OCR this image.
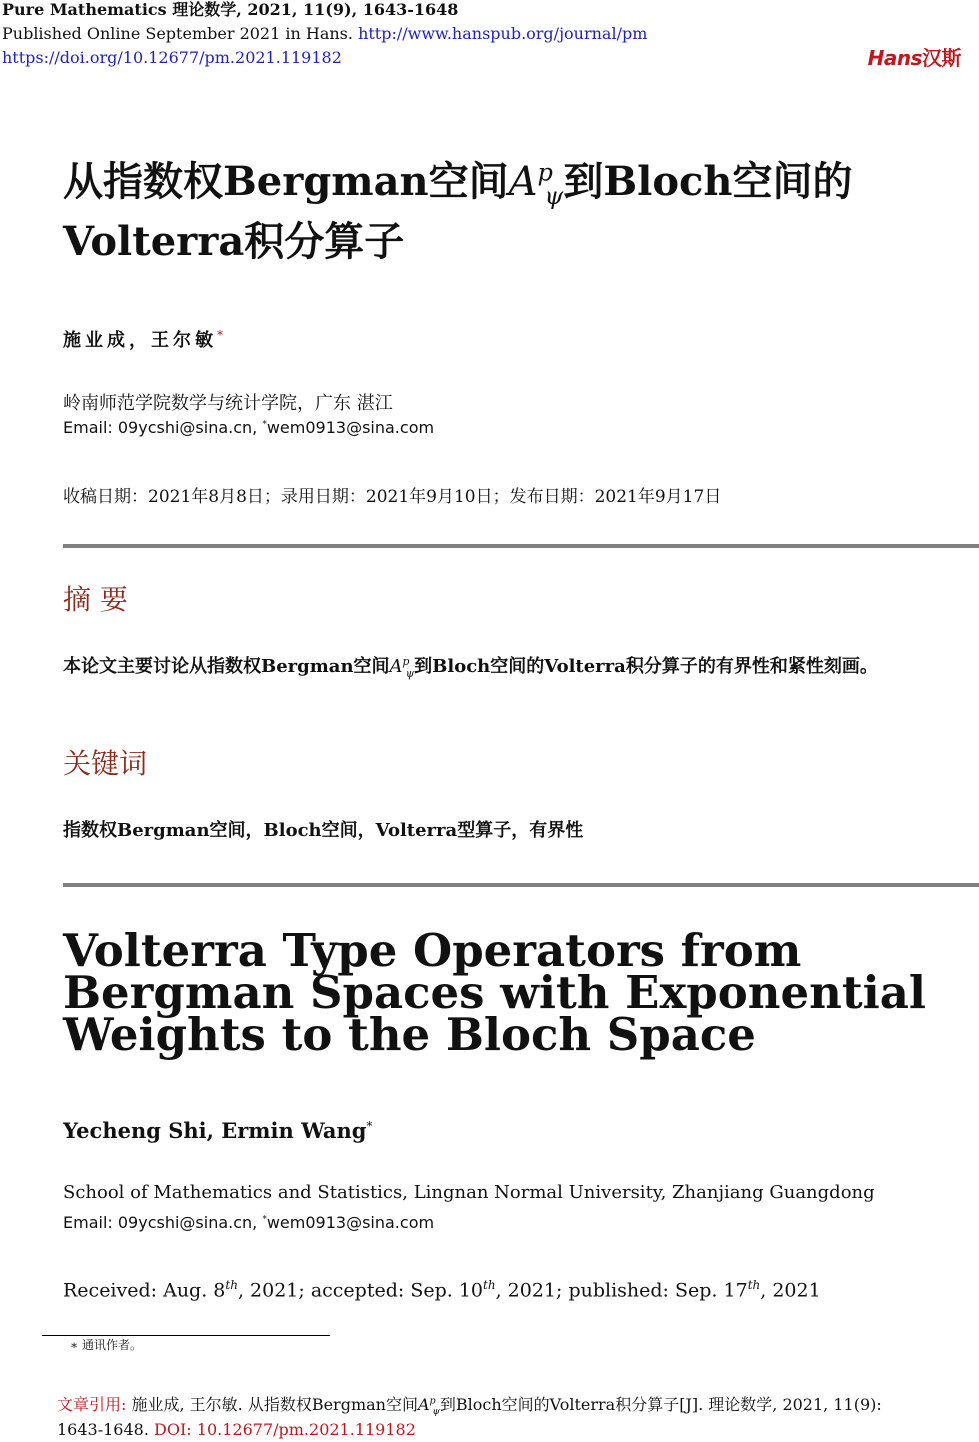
Pure Mathematics 理论数学, 2021, 11(9), 1643-1648
Published Online September 2021 in Hans. http://www.hanspub.org/journal/pm
https://doi.org/10.12677/pm.2021.119182	Hans汉斯
从指数权Bergman空间$A^p_\psi$到Bloch空间的
Volterra积分算子
施业成，王尔敏*
岭南师范学院数学与统计学院，广东 湛江
Email: 09ycshi@sina.cn, *wem0913@sina.com
收稿日期：2021年8月8日；录用日期：2021年9月10日；发布日期：2021年9月17日
摘 要
本论文主要讨论从指数权Bergman空间$A^p_\psi$到Bloch空间的Volterra积分算子的有界性和紧性刻画。
关键词
指数权Bergman空间，Bloch空间，Volterra型算子，有界性
Volterra Type Operators from Bergman Spaces with Exponential Weights to the Bloch Space
Yecheng Shi, Ermin Wang*
School of Mathematics and Statistics, Lingnan Normal University, Zhanjiang Guangdong
Email: 09ycshi@sina.cn, *wem0913@sina.com
Received: Aug. 8th, 2021; accepted: Sep. 10th, 2021; published: Sep. 17th, 2021
∗ 通讯作者。
文章引用: 施业成, 王尔敏. 从指数权Bergman空间$A^p_\psi$到Bloch空间的Volterra积分算子[J]. 理论数学, 2021, 11(9):
1643-1648. DOI: 10.12677/pm.2021.119182
